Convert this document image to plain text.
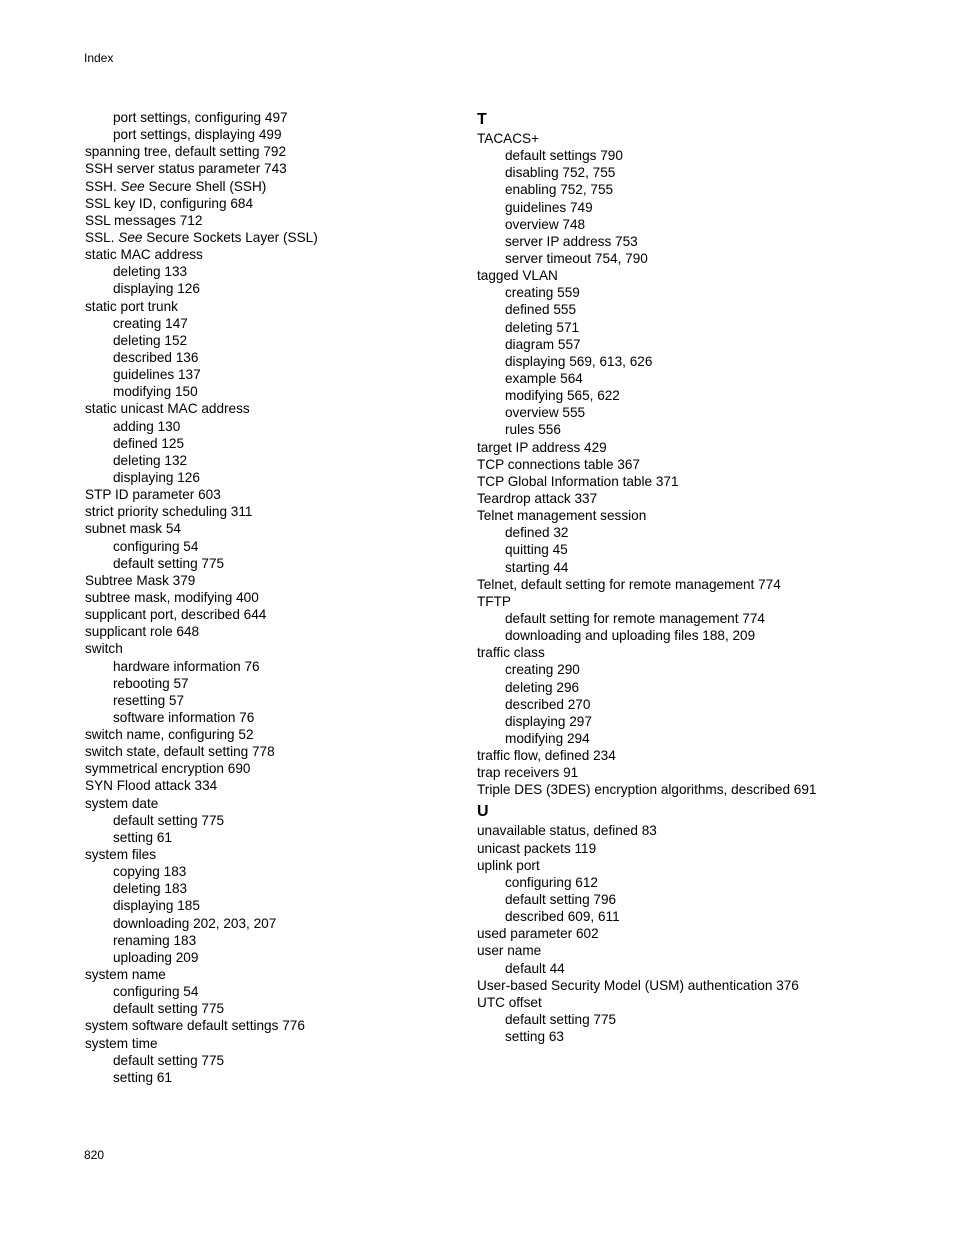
Index
port settings, configuring 497
port settings, displaying 499
spanning tree, default setting 792
SSH server status parameter 743
SSH. See Secure Shell (SSH)
SSL key ID, configuring 684
SSL messages 712
SSL. See Secure Sockets Layer (SSL)
static MAC address
deleting 133
displaying 126
static port trunk
creating 147
deleting 152
described 136
guidelines 137
modifying 150
static unicast MAC address
adding 130
defined 125
deleting 132
displaying 126
STP ID parameter 603
strict priority scheduling 311
subnet mask 54
configuring 54
default setting 775
Subtree Mask 379
subtree mask, modifying 400
supplicant port, described 644
supplicant role 648
switch
hardware information 76
rebooting 57
resetting 57
software information 76
switch name, configuring 52
switch state, default setting 778
symmetrical encryption 690
SYN Flood attack 334
system date
default setting 775
setting 61
system files
copying 183
deleting 183
displaying 185
downloading 202, 203, 207
renaming 183
uploading 209
system name
configuring 54
default setting 775
system software default settings 776
system time
default setting 775
setting 61
T
TACACS+
default settings 790
disabling 752, 755
enabling 752, 755
guidelines 749
overview 748
server IP address 753
server timeout 754, 790
tagged VLAN
creating 559
defined 555
deleting 571
diagram 557
displaying 569, 613, 626
example 564
modifying 565, 622
overview 555
rules 556
target IP address 429
TCP connections table 367
TCP Global Information table 371
Teardrop attack 337
Telnet management session
defined 32
quitting 45
starting 44
Telnet, default setting for remote management 774
TFTP
default setting for remote management 774
downloading and uploading files 188, 209
traffic class
creating 290
deleting 296
described 270
displaying 297
modifying 294
traffic flow, defined 234
trap receivers 91
Triple DES (3DES) encryption algorithms, described 691
U
unavailable status, defined 83
unicast packets 119
uplink port
configuring 612
default setting 796
described 609, 611
used parameter 602
user name
default 44
User-based Security Model (USM) authentication 376
UTC offset
default setting 775
setting 63
820
